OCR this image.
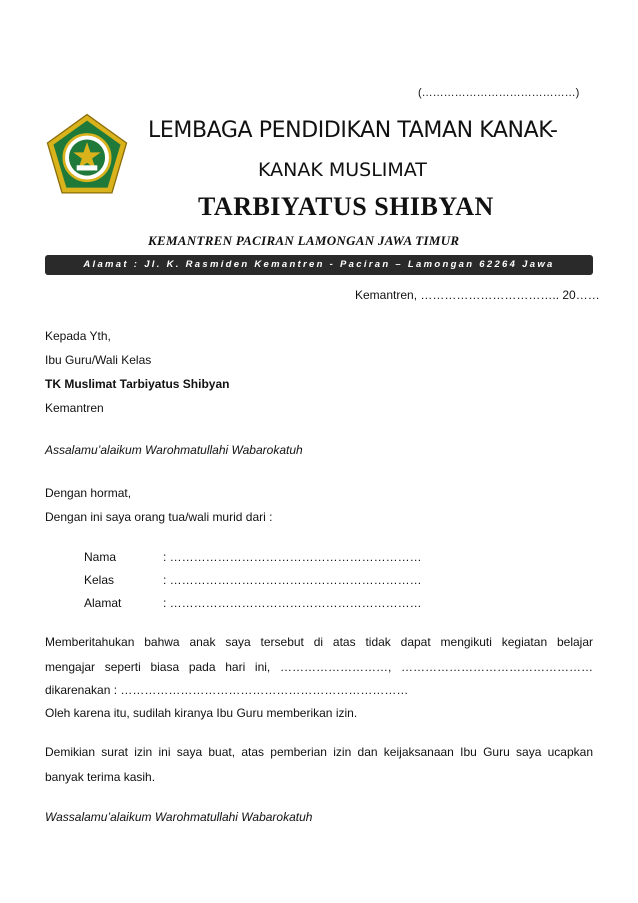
(……………………………………)
LEMBAGA PENDIDIKAN TAMAN KANAK-
KANAK MUSLIMAT
TARBIYATUS SHIBYAN
KEMANTREN PACIRAN LAMONGAN JAWA TIMUR
Alamat : Jl. K. Rasmiden Kemantren - Paciran – Lamongan 62264 Jawa
Kemantren, …………………………….. 20……
Kepada Yth,
Ibu Guru/Wali Kelas
TK Muslimat Tarbiyatus Shibyan
Kemantren
Assalamu’alaikum Warohmatullahi Wabarokatuh
Dengan hormat,
Dengan ini saya orang tua/wali murid dari :
Nama	: ………………………………………………………
Kelas	: ………………………………………………………
Alamat	: ………………………………………………………
Memberitahukan bahwa anak saya tersebut di atas tidak dapat mengikuti kegiatan belajar
mengajar seperti biasa pada hari ini, ………………………, …………………………………………
dikarenakan : ………………………………………………………………
Oleh karena itu, sudilah kiranya Ibu Guru memberikan izin.
Demikian surat izin ini saya buat, atas pemberian izin dan keijaksanaan Ibu Guru saya ucapkan
banyak terima kasih.
Wassalamu’alaikum Warohmatullahi Wabarokatuh
